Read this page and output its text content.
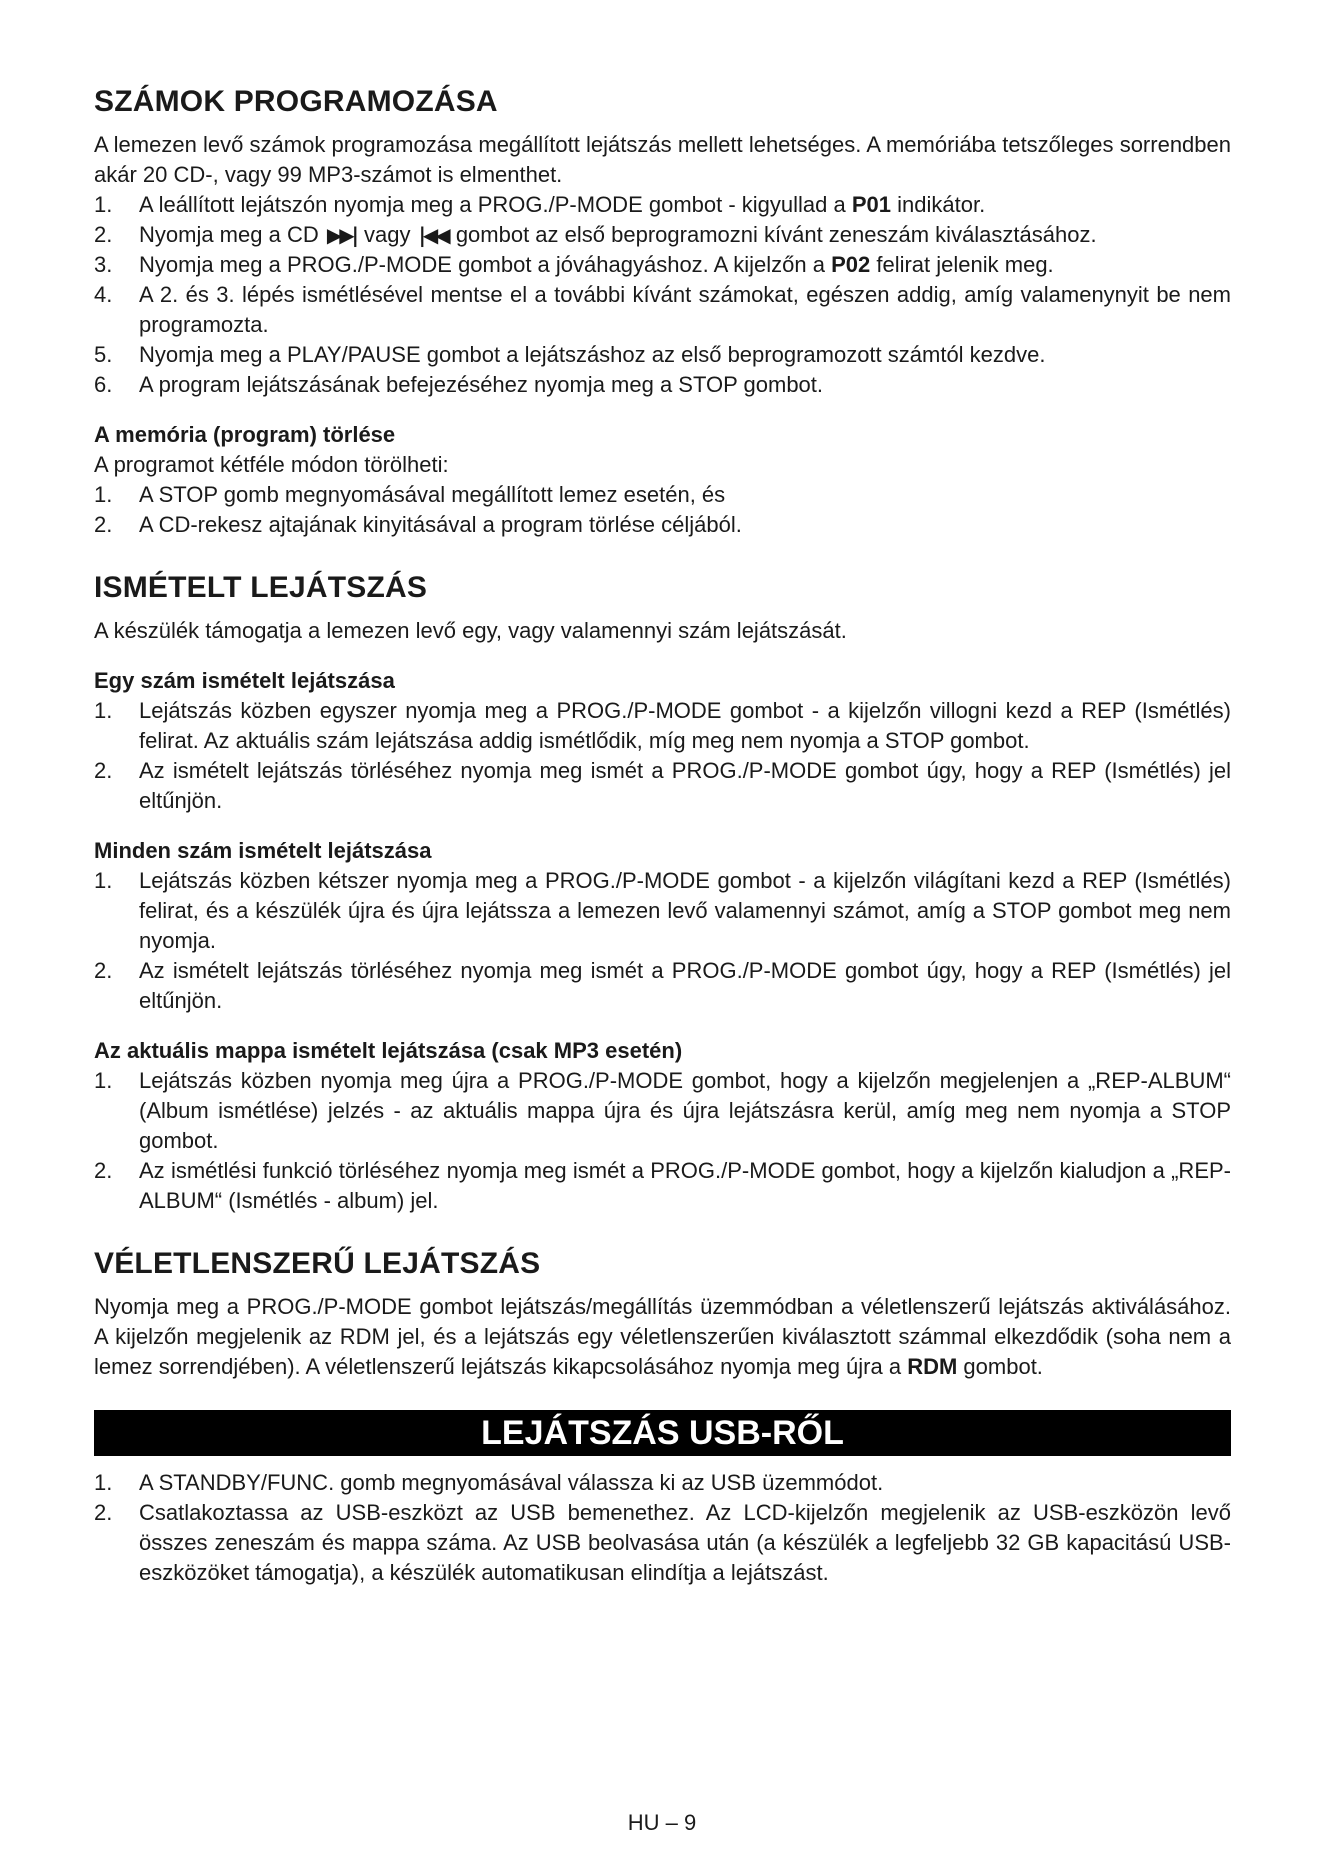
SZÁMOK PROGRAMOZÁSA

A lemezen levő számok programozása megállított lejátszás mellett lehetséges. A memóriába tetszőleges sorrendben akár 20 CD-, vagy 99 MP3-számot is elmenthet.

1. A leállított lejátszón nyomja meg a PROG./P-MODE gombot - kigyullad a P01 indikátor.
2. Nyomja meg a CD ▶▶| vagy |◀◀ gombot az első beprogramozni kívánt zeneszám kiválasztásához.
3. Nyomja meg a PROG./P-MODE gombot a jóváhagyáshoz. A kijelzőn a P02 felirat jelenik meg.
4. A 2. és 3. lépés ismétlésével mentse el a további kívánt számokat, egészen addig, amíg valamenynyit be nem programozta.
5. Nyomja meg a PLAY/PAUSE gombot a lejátszáshoz az első beprogramozott számtól kezdve.
6. A program lejátszásának befejezéséhez nyomja meg a STOP gombot.
A memória (program) törlése

A programot kétféle módon törölheti:

1. A STOP gomb megnyomásával megállított lemez esetén, és
2. A CD-rekesz ajtajának kinyitásával a program törlése céljából.
ISMÉTELT LEJÁTSZÁS

A készülék támogatja a lemezen levő egy, vagy valamennyi szám lejátszását.

Egy szám ismételt lejátszása
1. Lejátszás közben egyszer nyomja meg a PROG./P-MODE gombot - a kijelzőn villogni kezd a REP (Ismétlés) felirat. Az aktuális szám lejátszása addig ismétlődik, míg meg nem nyomja a STOP gombot.
2. Az ismételt lejátszás törléséhez nyomja meg ismét a PROG./P-MODE gombot úgy, hogy a REP (Ismétlés) jel eltűnjön.
Minden szám ismételt lejátszása
1. Lejátszás közben kétszer nyomja meg a PROG./P-MODE gombot - a kijelzőn világítani kezd a REP (Ismétlés) felirat, és a készülék újra és újra lejátssza a lemezen levő valamennyi számot, amíg a STOP gombot meg nem nyomja.
2. Az ismételt lejátszás törléséhez nyomja meg ismét a PROG./P-MODE gombot úgy, hogy a REP (Ismétlés) jel eltűnjön.
Az aktuális mappa ismételt lejátszása (csak MP3 esetén)
1. Lejátszás közben nyomja meg újra a PROG./P-MODE gombot, hogy a kijelzőn megjelenjen a „REP-ALBUM“ (Album ismétlése) jelzés - az aktuális mappa újra és újra lejátszásra kerül, amíg meg nem nyomja a STOP gombot.
2. Az ismétlési funkció törléséhez nyomja meg ismét a PROG./P-MODE gombot, hogy a kijelzőn kialudjon a „REP-ALBUM“ (Ismétlés - album) jel.
VÉLETLENSZERŰ LEJÁTSZÁS

Nyomja meg a PROG./P-MODE gombot lejátszás/megállítás üzemmódban a véletlenszerű lejátszás aktiválásához. A kijelzőn megjelenik az RDM jel, és a lejátszás egy véletlenszerűen kiválasztott számmal elkezdődik (soha nem a lemez sorrendjében). A véletlenszerű lejátszás kikapcsolásához nyomja meg újra a RDM gombot.

LEJÁTSZÁS USB-RŐL
1. A STANDBY/FUNC. gomb megnyomásával válassza ki az USB üzemmódot.
2. Csatlakoztassa az USB-eszközt az USB bemenethez. Az LCD-kijelzőn megjelenik az USB-eszközön levő összes zeneszám és mappa száma. Az USB beolvasása után (a készülék a legfeljebb 32 GB kapacitású USB-eszközöket támogatja), a készülék automatikusan elindítja a lejátszást.
HU – 9
